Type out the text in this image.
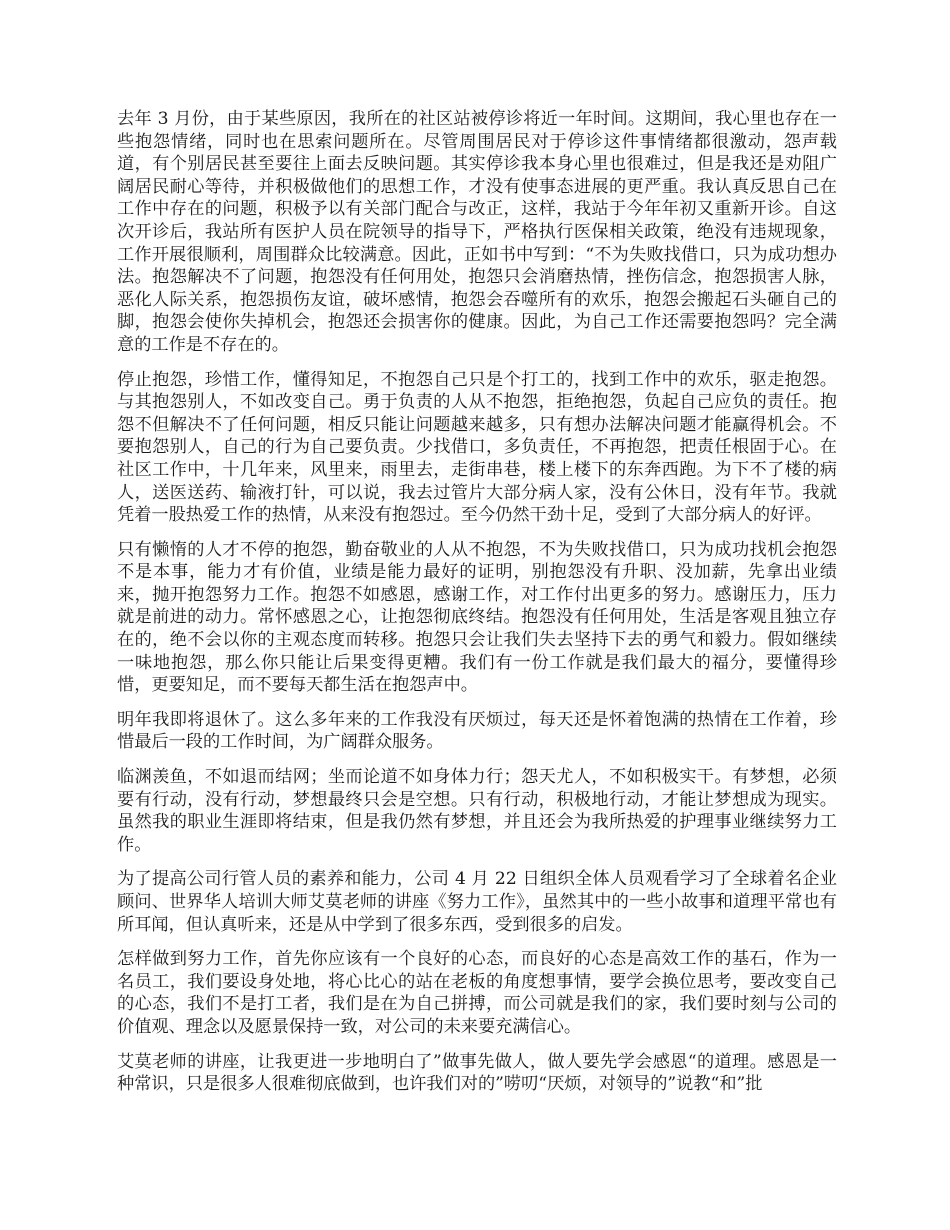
去年 3 月份，由于某些原因，我所在的社区站被停诊将近一年时间。这期间，我心里也存在一些抱怨情绪，同时也在思索问题所在。尽管周围居民对于停诊这件事情绪都很激动，怨声载道，有个别居民甚至要往上面去反映问题。其实停诊我本身心里也很难过，但是我还是劝阻广阔居民耐心等待，并积极做他们的思想工作，才没有使事态进展的更严重。我认真反思自己在工作中存在的问题，积极予以有关部门配合与改正，这样，我站于今年年初又重新开诊。自这次开诊后，我站所有医护人员在院领导的指导下，严格执行医保相关政策，绝没有违规现象，工作开展很顺利，周围群众比较满意。因此，正如书中写到：“不为失败找借口，只为成功想办法。抱怨解决不了问题，抱怨没有任何用处，抱怨只会消磨热情，挫伤信念，抱怨损害人脉，恶化人际关系，抱怨损伤友谊，破坏感情，抱怨会吞噬所有的欢乐，抱怨会搬起石头砸自己的脚，抱怨会使你失掉机会，抱怨还会损害你的健康。因此，为自己工作还需要抱怨吗？完全满意的工作是不存在的。

停止抱怨，珍惜工作，懂得知足，不抱怨自己只是个打工的，找到工作中的欢乐，驱走抱怨。与其抱怨别人，不如改变自己。勇于负责的人从不抱怨，拒绝抱怨，负起自己应负的责任。抱怨不但解决不了任何问题，相反只能让问题越来越多，只有想办法解决问题才能赢得机会。不要抱怨别人，自己的行为自己要负责。少找借口，多负责任，不再抱怨，把责任根固于心。在社区工作中，十几年来，风里来，雨里去，走街串巷，楼上楼下的东奔西跑。为下不了楼的病人，送医送药、输液打针，可以说，我去过管片大部分病人家，没有公休日，没有年节。我就凭着一股热爱工作的热情，从来没有抱怨过。至今仍然干劲十足，受到了大部分病人的好评。

只有懒惰的人才不停的抱怨，勤奋敬业的人从不抱怨，不为失败找借口，只为成功找机会抱怨不是本事，能力才有价值，业绩是能力最好的证明，别抱怨没有升职、没加薪，先拿出业绩来，抛开抱怨努力工作。抱怨不如感恩，感谢工作，对工作付出更多的努力。感谢压力，压力就是前进的动力。常怀感恩之心，让抱怨彻底终结。抱怨没有任何用处，生活是客观且独立存在的，绝不会以你的主观态度而转移。抱怨只会让我们失去坚持下去的勇气和毅力。假如继续一味地抱怨，那么你只能让后果变得更糟。我们有一份工作就是我们最大的福分，要懂得珍惜，更要知足，而不要每天都生活在抱怨声中。

明年我即将退休了。这么多年来的工作我没有厌烦过，每天还是怀着饱满的热情在工作着，珍惜最后一段的工作时间，为广阔群众服务。

临渊羡鱼，不如退而结网；坐而论道不如身体力行；怨天尤人，不如积极实干。有梦想，必须要有行动，没有行动，梦想最终只会是空想。只有行动，积极地行动，才能让梦想成为现实。虽然我的职业生涯即将结束，但是我仍然有梦想，并且还会为我所热爱的护理事业继续努力工作。

为了提高公司行管人员的素养和能力，公司 4 月 22 日组织全体人员观看学习了全球着名企业顾问、世界华人培训大师艾莫老师的讲座《努力工作》，虽然其中的一些小故事和道理平常也有所耳闻，但认真听来，还是从中学到了很多东西，受到很多的启发。

怎样做到努力工作，首先你应该有一个良好的心态，而良好的心态是高效工作的基石，作为一名员工，我们要设身处地，将心比心的站在老板的角度想事情，要学会换位思考，要改变自己的心态，我们不是打工者，我们是在为自己拼搏，而公司就是我们的家，我们要时刻与公司的价值观、理念以及愿景保持一致，对公司的未来要充满信心。

艾莫老师的讲座，让我更进一步地明白了”做事先做人，做人要先学会感恩“的道理。感恩是一种常识，只是很多人很难彻底做到，也许我们对的”唠叨“厌烦，对领导的”说教“和”批
